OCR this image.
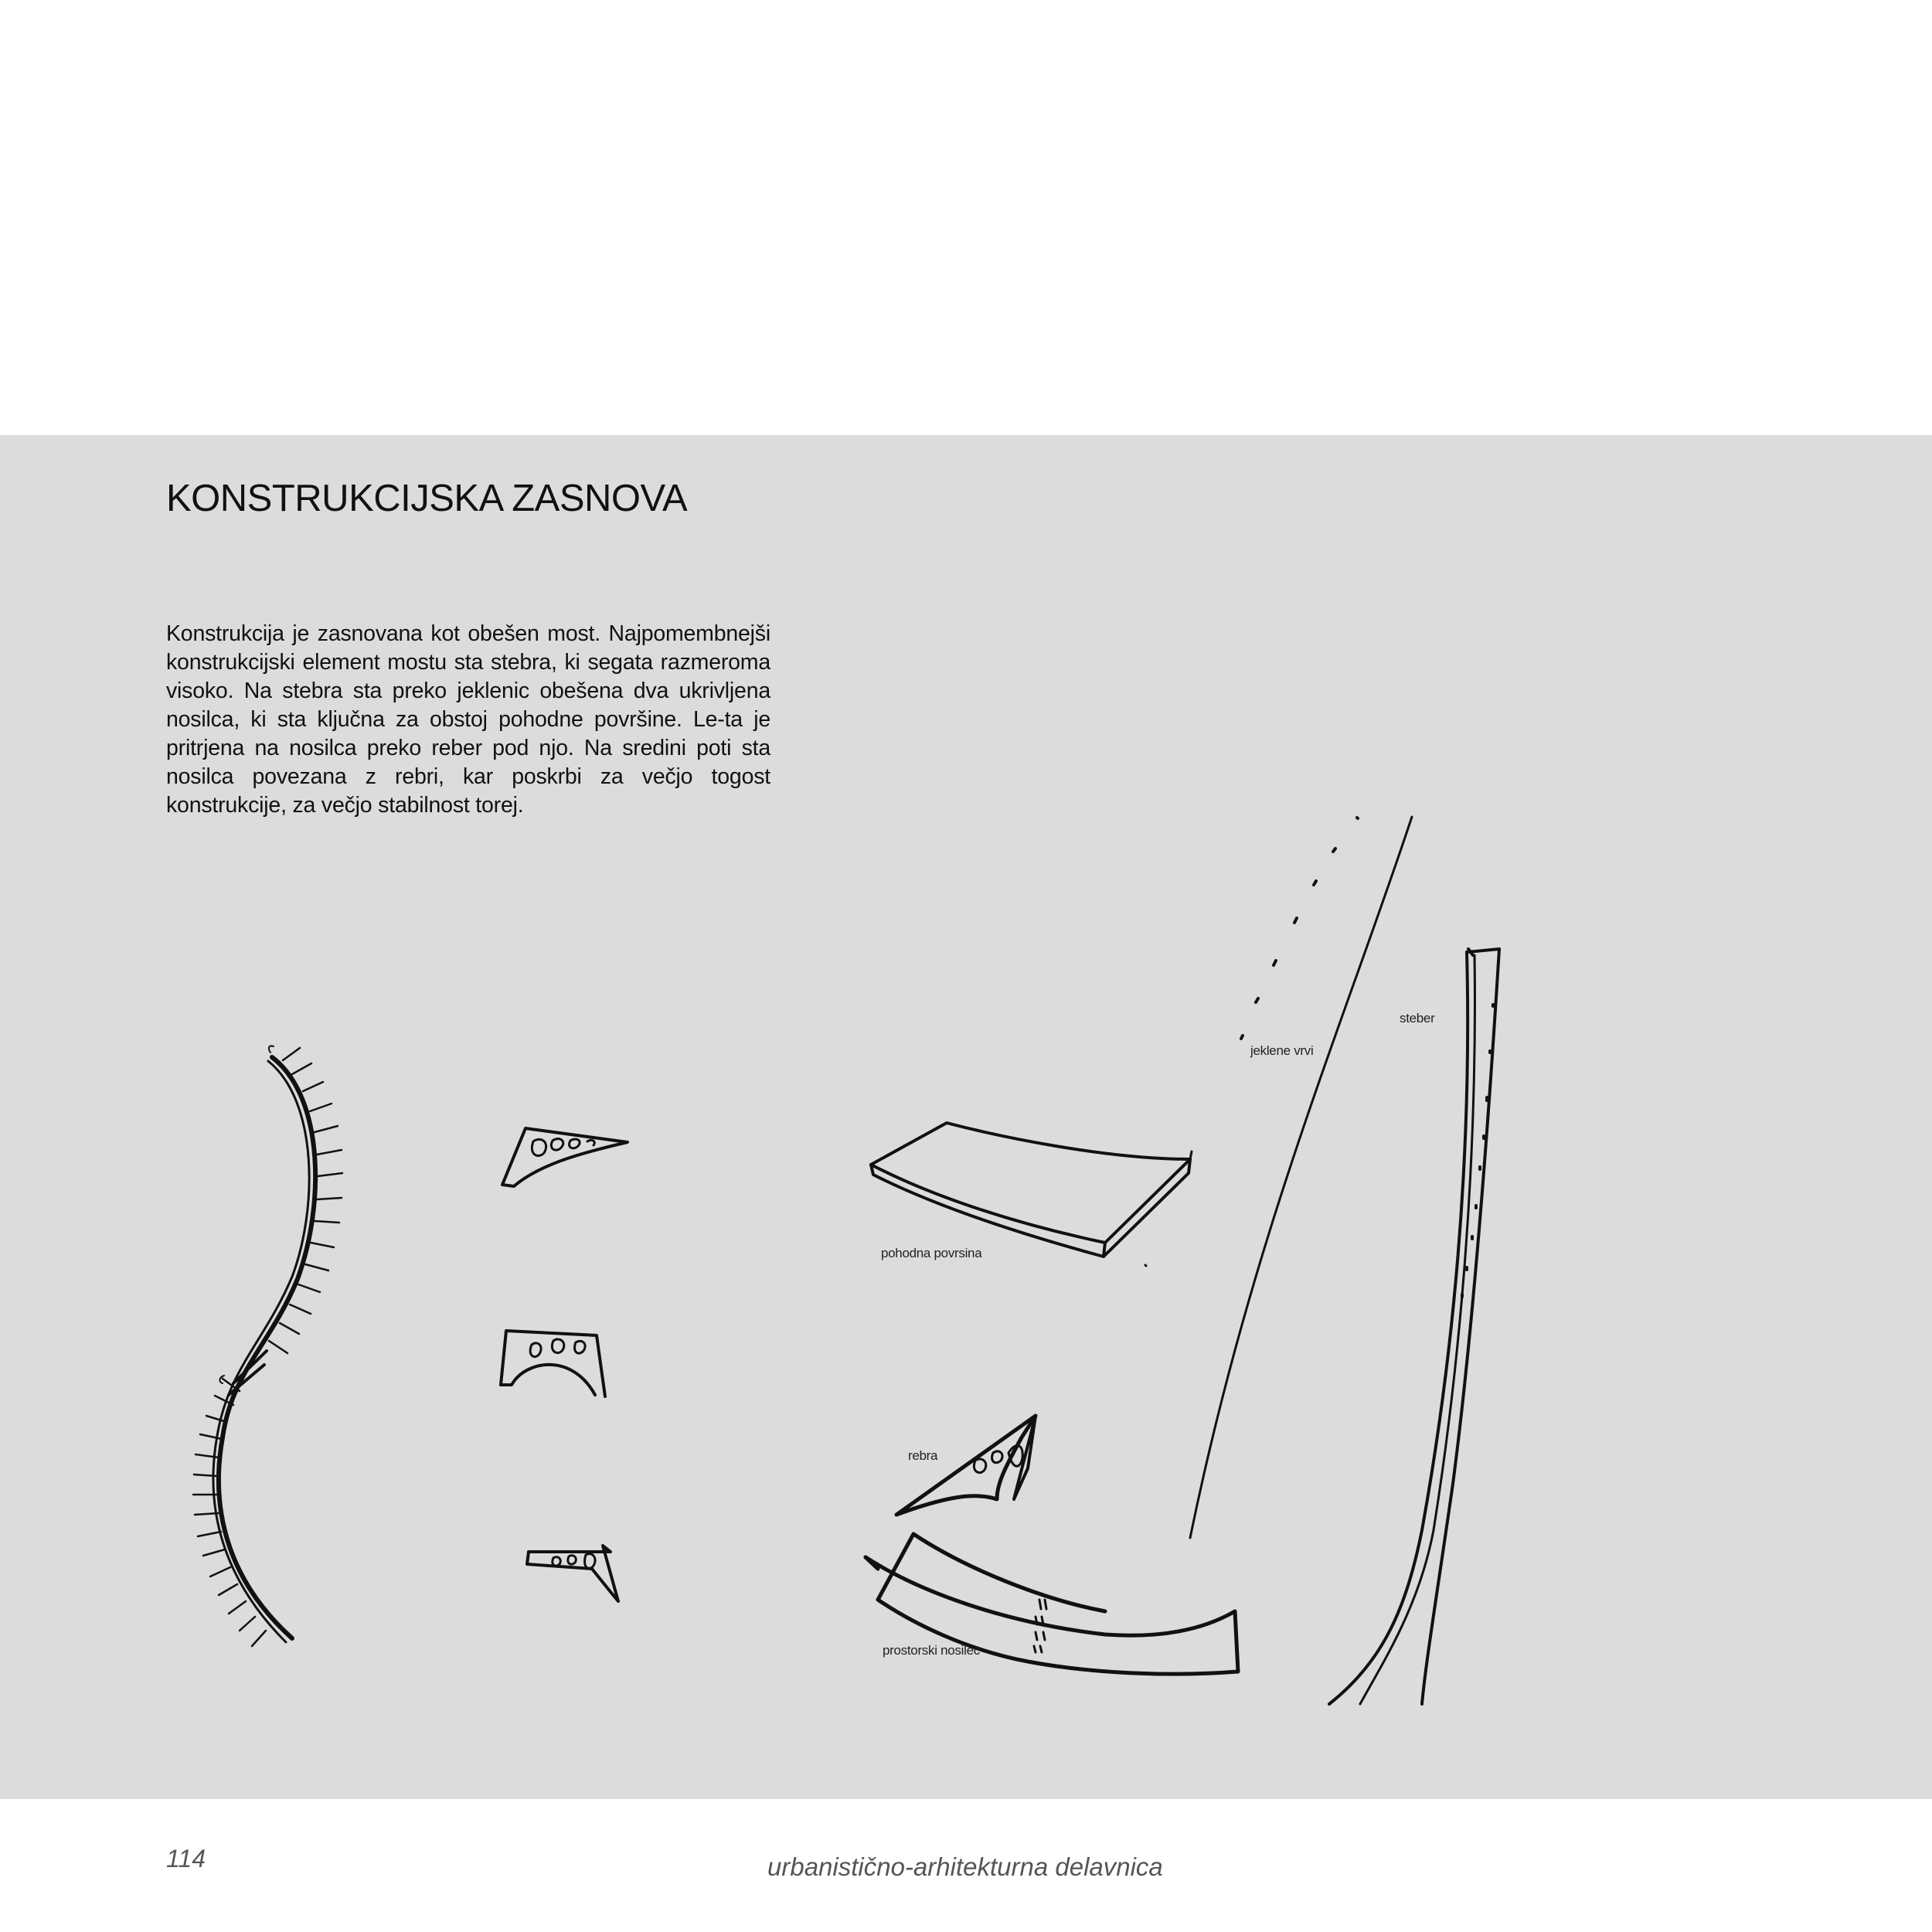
KONSTRUKCIJSKA ZASNOVA

Konstrukcija je zasnovana kot obešen most. Najpomembnejši konstrukcijski element mostu sta stebra, ki segata razmeroma visoko. Na stebra sta preko jeklenic obešena dva ukrivljena nosilca, ki sta ključna za obstoj pohodne površine. Le-ta je pritrjena na nosilca preko reber pod njo. Na sredini poti sta nosilca povezana z rebri, kar poskrbi za večjo togost konstrukcije, za večjo stabilnost torej.

pohodna povrsina
rebra
prostorski nosilec
jeklene vrvi
steber
114	urbanistično-arhitekturna delavnica
